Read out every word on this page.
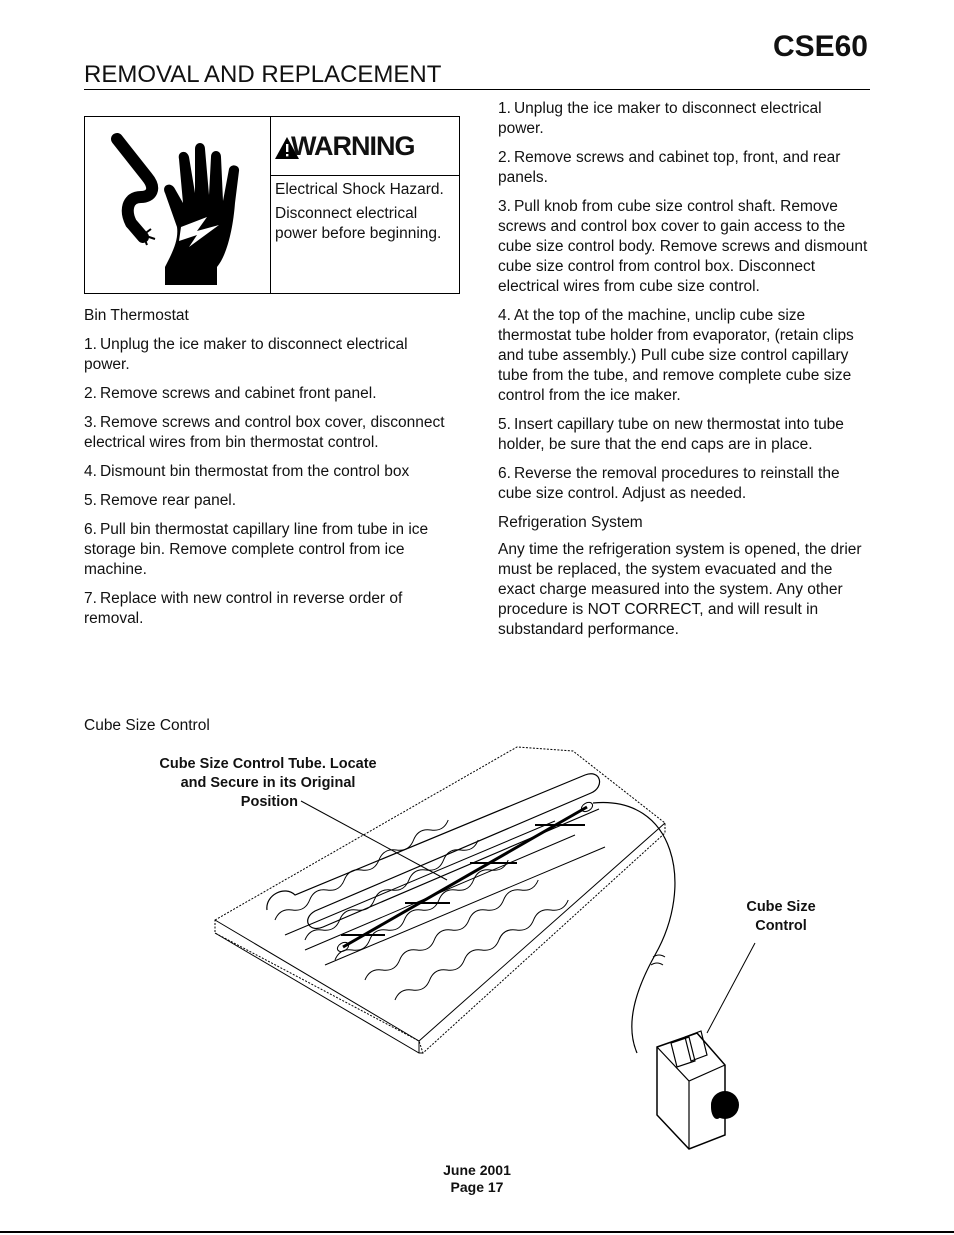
CSE60
REMOVAL AND REPLACEMENT
WARNING

Electrical Shock Hazard.

Disconnect electrical power before beginning.

Bin Thermostat

1. Unplug the ice maker to disconnect electrical power.

2. Remove screws and cabinet front panel.

3. Remove screws and control box cover, disconnect electrical wires from bin thermostat control.

4. Dismount bin thermostat from the control box

5. Remove rear panel.

6. Pull bin thermostat capillary line from tube in ice storage bin. Remove complete control from ice machine.

7. Replace with new control in reverse order of removal.

1. Unplug the ice maker to disconnect electrical power.

2. Remove screws and cabinet top, front, and rear panels.

3. Pull knob from cube size control shaft. Remove screws and control box cover to gain access to the cube size control body. Remove screws and dismount cube size control from control box. Disconnect electrical wires from cube size control.

4. At the top of the machine, unclip cube size thermostat tube holder from evaporator, (retain clips and tube assembly.) Pull cube size control capillary tube from the tube, and remove complete cube size control from the ice maker.

5. Insert capillary tube on new thermostat into tube holder, be sure that the end caps are in place.

6. Reverse the removal procedures to reinstall the cube size control. Adjust as needed.

Refrigeration System

Any time the refrigeration system is opened, the drier must be replaced, the system evacuated and the exact charge measured into the system. Any other procedure is NOT CORRECT, and will result in substandard performance.

Cube Size Control
Cube Size Control Tube. Locate
and Secure in its Original
Position
Cube Size
Control
June 2001
Page 17
